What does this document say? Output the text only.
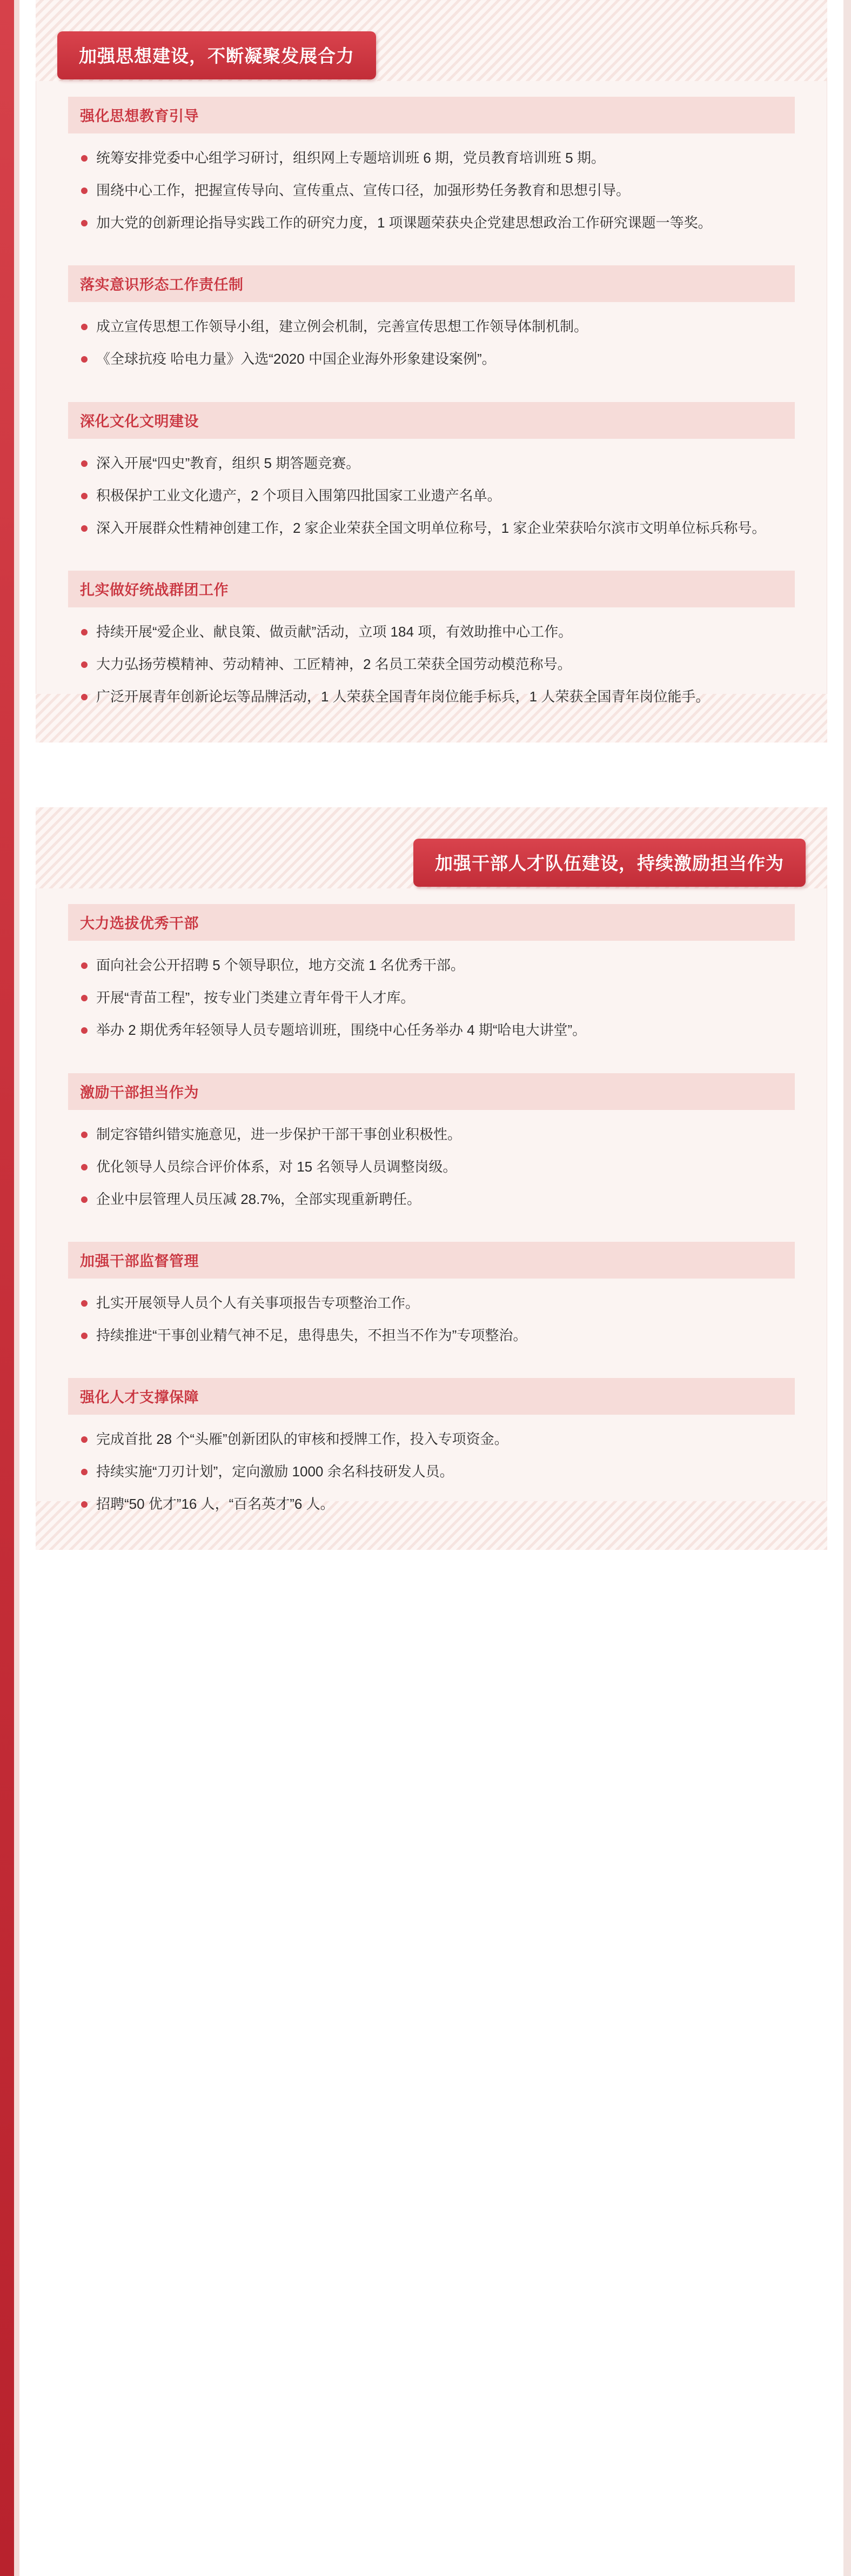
加强思想建设，不断凝聚发展合力
强化思想教育引导
统筹安排党委中心组学习研讨，组织网上专题培训班 6 期，党员教育培训班 5 期。
围绕中心工作，把握宣传导向、宣传重点、宣传口径，加强形势任务教育和思想引导。
加大党的创新理论指导实践工作的研究力度，1 项课题荣获央企党建思想政治工作研究课题一等奖。
落实意识形态工作责任制
成立宣传思想工作领导小组，建立例会机制，完善宣传思想工作领导体制机制。
《全球抗疫 哈电力量》入选“2020 中国企业海外形象建设案例”。
深化文化文明建设
深入开展“四史”教育，组织 5 期答题竞赛。
积极保护工业文化遗产，2 个项目入围第四批国家工业遗产名单。
深入开展群众性精神创建工作，2 家企业荣获全国文明单位称号，1 家企业荣获哈尔滨市文明单位标兵称号。
扎实做好统战群团工作
持续开展“爱企业、献良策、做贡献”活动，立项 184 项，有效助推中心工作。
大力弘扬劳模精神、劳动精神、工匠精神，2 名员工荣获全国劳动模范称号。
广泛开展青年创新论坛等品牌活动，1 人荣获全国青年岗位能手标兵，1 人荣获全国青年岗位能手。
加强干部人才队伍建设，持续激励担当作为
大力选拔优秀干部
面向社会公开招聘 5 个领导职位，地方交流 1 名优秀干部。
开展“青苗工程”，按专业门类建立青年骨干人才库。
举办 2 期优秀年轻领导人员专题培训班，围绕中心任务举办 4 期“哈电大讲堂”。
激励干部担当作为
制定容错纠错实施意见，进一步保护干部干事创业积极性。
优化领导人员综合评价体系，对 15 名领导人员调整岗级。
企业中层管理人员压减 28.7%，全部实现重新聘任。
加强干部监督管理
扎实开展领导人员个人有关事项报告专项整治工作。
持续推进“干事创业精气神不足，患得患失，不担当不作为”专项整治。
强化人才支撑保障
完成首批 28 个“头雁”创新团队的审核和授牌工作，投入专项资金。
持续实施“刀刃计划”，定向激励 1000 余名科技研发人员。
招聘“50 优才”16 人，“百名英才”6 人。
